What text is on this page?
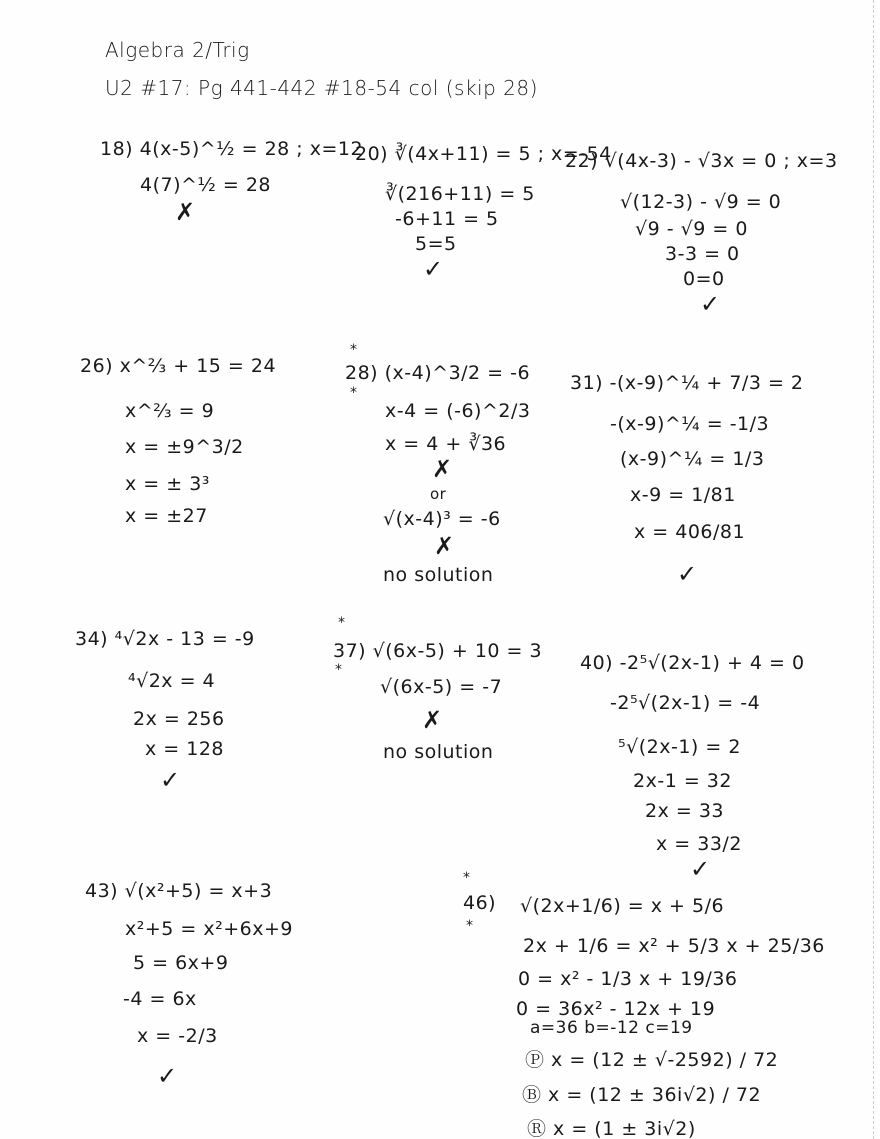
Algebra 2/Trig
U2 #17: Pg 441-442 #18-54 col (skip 28)
18) 4(x-5)^½ = 28 ; x=12
4(7)^½ = 28
✗
20) ∛(4x+11) = 5 ; x=-54
∛(216+11) = 5
-6+11 = 5
5=5
✓
22) √(4x-3) - √3x = 0 ; x=3
√(12-3) - √9 = 0
√9 - √9 = 0
3-3 = 0
0=0
✓
26) x^⅔ + 15 = 24
x^⅔ = 9
x = ±9^3/2
x = ± 3³
x = ±27
*
28) (x-4)^3/2 = -6
*
x-4 = (-6)^2/3
x = 4 + ∛36
✗
or
√(x-4)³ = -6
✗
no solution
31) -(x-9)^¼ + 7/3 = 2
-(x-9)^¼ = -1/3
(x-9)^¼ = 1/3
x-9 = 1/81
x = 406/81
✓
34) ⁴√2x - 13 = -9
⁴√2x = 4
2x = 256
x = 128
✓
*
37) √(6x-5) + 10 = 3
*
√(6x-5) = -7
✗
no solution
40) -2⁵√(2x-1) + 4 = 0
-2⁵√(2x-1) = -4
⁵√(2x-1) = 2
2x-1 = 32
2x = 33
x = 33/2
✓
43) √(x²+5) = x+3
x²+5 = x²+6x+9
5 = 6x+9
-4 = 6x
x = -2/3
✓
*
46)
*
√(2x+1/6) = x + 5/6
2x + 1/6 = x² + 5/3 x + 25/36
0 = x² - 1/3 x + 19/36
0 = 36x² - 12x + 19
a=36 b=-12 c=19
Ⓟ x = (12 ± √-2592) / 72
Ⓑ x = (12 ± 36i√2) / 72
Ⓡ x = (1 ± 3i√2)
